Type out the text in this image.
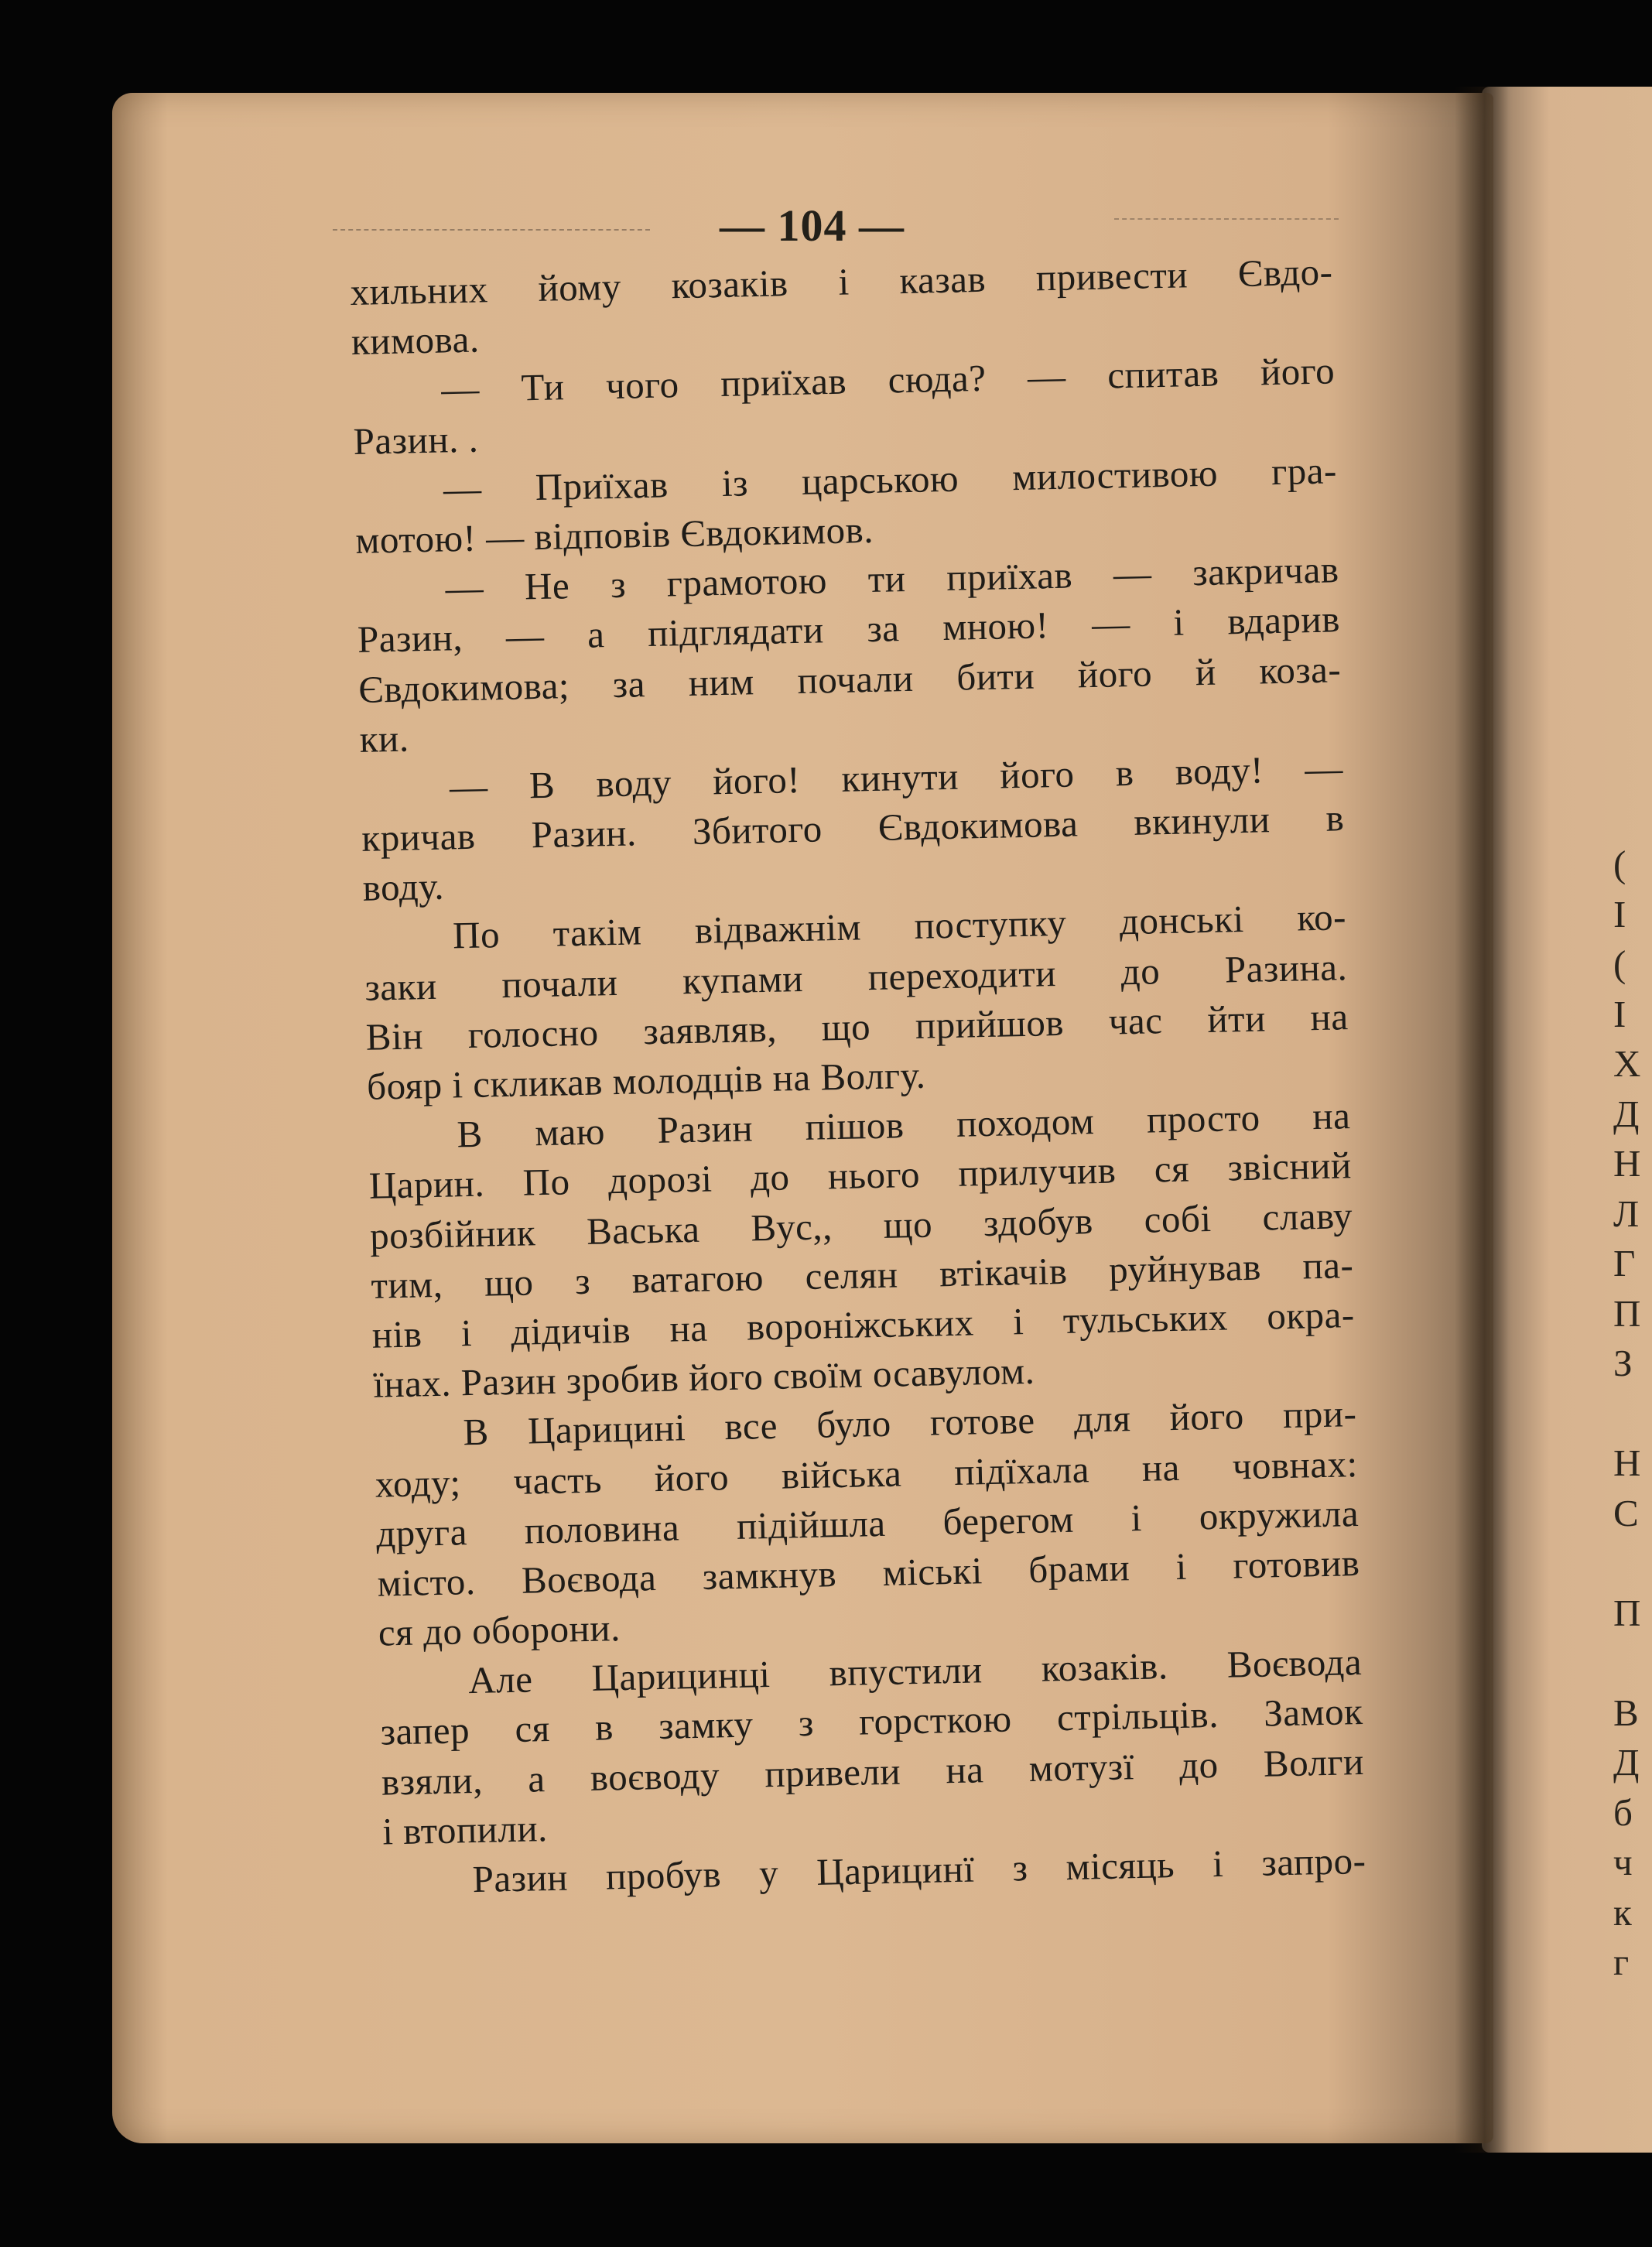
— 104 —
хильних йому козаків і казав привести Євдо-
кимова.
— Ти чого приїхав сюда? — спитав його
Разин. .
— Приїхав із царською милостивою гра-
мотою! — відповів Євдокимов.
— Не з грамотою ти приїхав — закричав
Разин, — а підглядати за мною! — і вдарив
Євдокимова; за ним почали бити його й коза-
ки.
— В воду його! кинути його в воду! —
кричав Разин. Збитого Євдокимова вкинули в
воду.
По такім відважнім поступку донські ко-
заки почали купами переходити до Разина.
Він голосно заявляв, що прийшов час йти на
бояр і скликав молодців на Волгу.
В маю Разин пішов походом просто на
Царин. По дорозі до нього прилучив ся звісний
розбійник Васька Вус,, що здобув собі славу
тим, що з ватагою селян втікачів руйнував па-
нів і дідичів на вороніжських і тульських окра-
їнах. Разин зробив його своїм осавулом.
В Царицині все було готове для його при-
ходу; часть його війська підїхала на човнах:
друга половина підійшла берегом і окружила
місто. Воєвода замкнув міські брами і готовив
ся до оборони.
Але Царицинці впустили козаків. Воєвода
запер ся в замку з горсткою стрільців. Замок
взяли, а воєводу привели на мотузї до Волги
і втопили.
Разин пробув у Царицинї з місяць і запро-
(
І
(
І
Х
Д
Н
Л
Г
П
З
Н
С
П
В
Д
б
ч
к
г
